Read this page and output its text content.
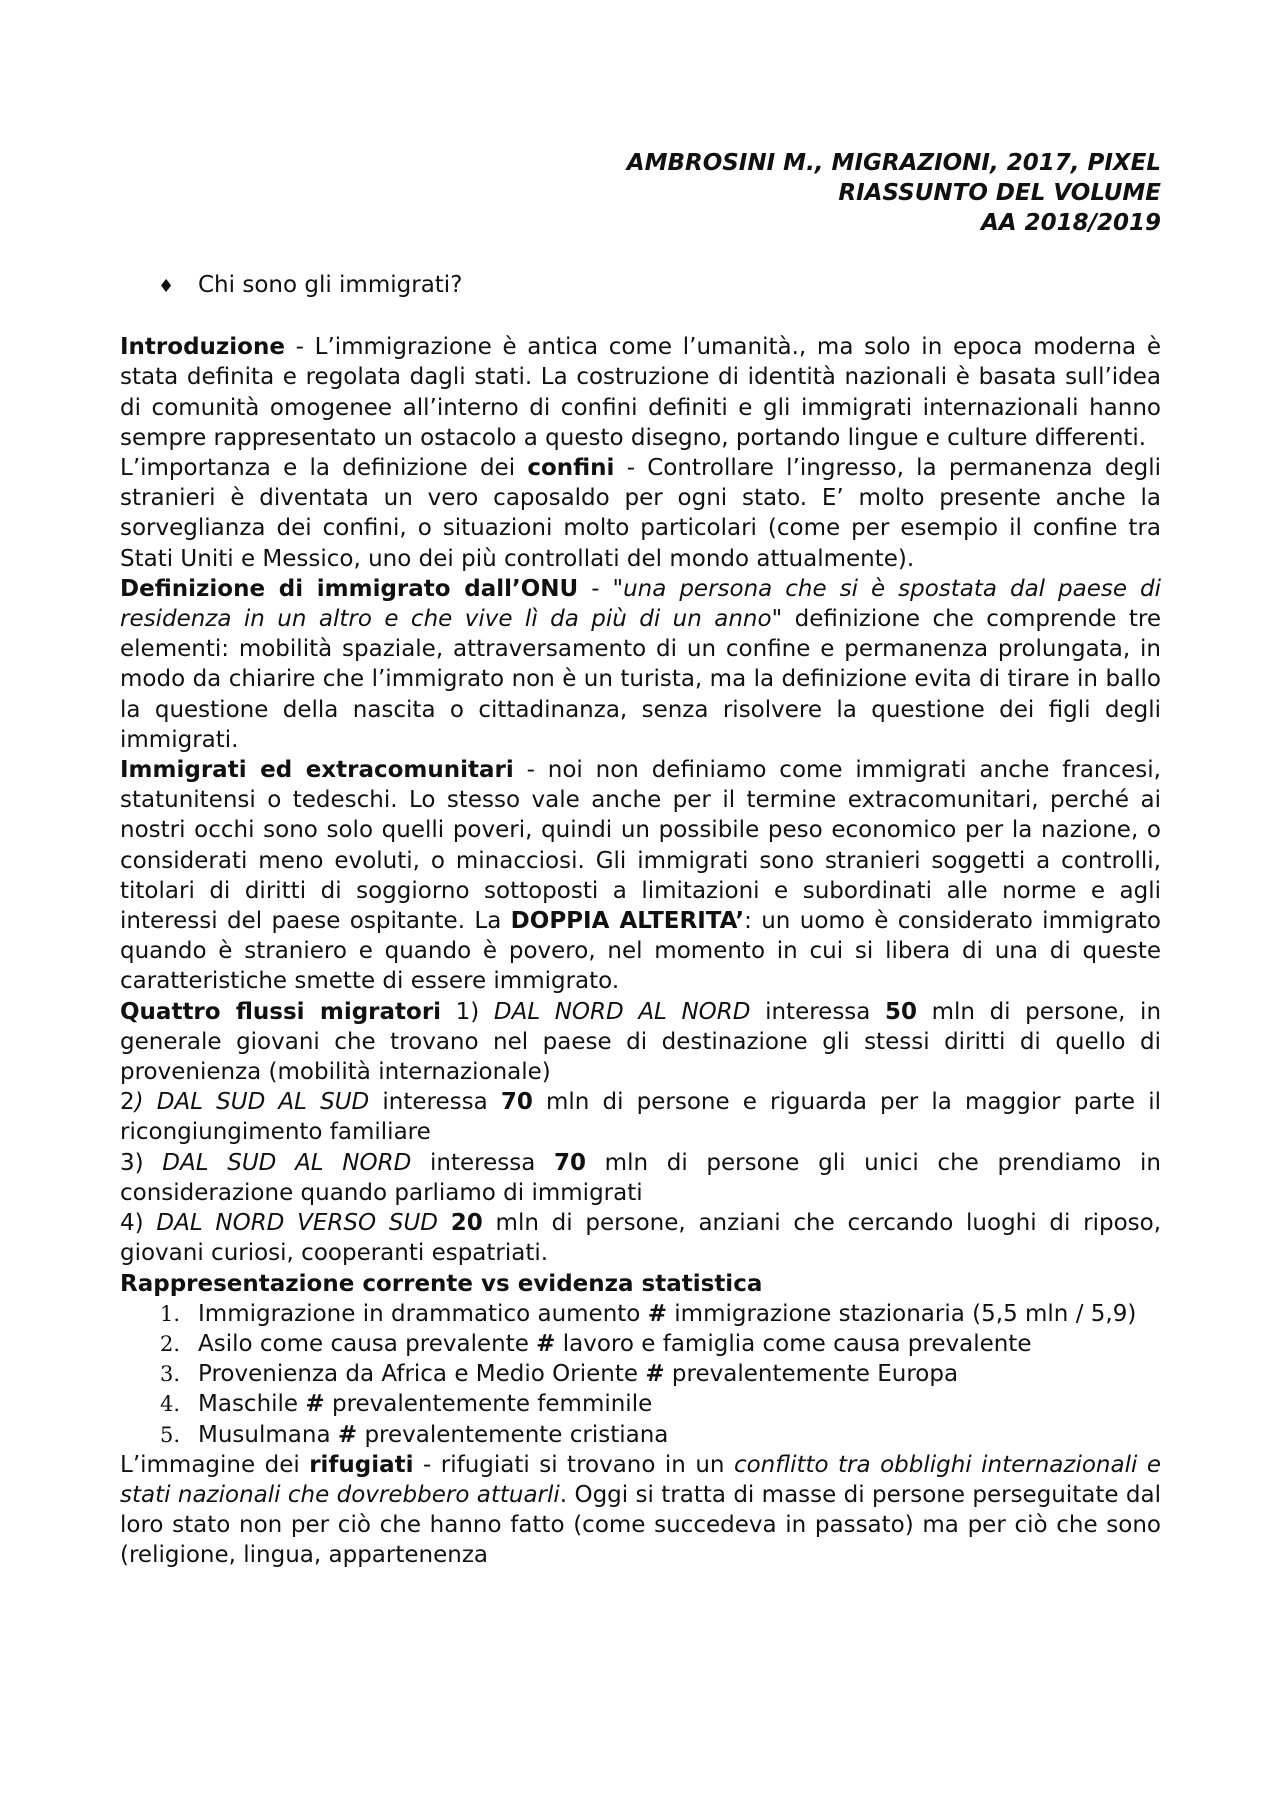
AMBROSINI M., MIGRAZIONI, 2017, PIXEL
RIASSUNTO DEL VOLUME
AA 2018/2019

♦ Chi sono gli immigrati?

Introduzione - L’immigrazione è antica come l’umanità., ma solo in epoca moderna è stata definita e regolata dagli stati. La costruzione di identità nazionali è basata sull’idea di comunità omogenee all’interno di confini definiti e gli immigrati internazionali hanno sempre rappresentato un ostacolo a questo disegno, portando lingue e culture differenti.

L’importanza e la definizione dei confini - Controllare l’ingresso, la permanenza degli stranieri è diventata un vero caposaldo per ogni stato. E’ molto presente anche la sorveglianza dei confini, o situazioni molto particolari (come per esempio il confine tra Stati Uniti e Messico, uno dei più controllati del mondo attualmente).

Definizione di immigrato dall’ONU - "una persona che si è spostata dal paese di residenza in un altro e che vive lì da più di un anno" definizione che comprende tre elementi: mobilità spaziale, attraversamento di un confine e permanenza prolungata, in modo da chiarire che l’immigrato non è un turista, ma la definizione evita di tirare in ballo la questione della nascita o cittadinanza, senza risolvere la questione dei figli degli immigrati.

Immigrati ed extracomunitari - noi non definiamo come immigrati anche francesi, statunitensi o tedeschi. Lo stesso vale anche per il termine extracomunitari, perché ai nostri occhi sono solo quelli poveri, quindi un possibile peso economico per la nazione, o considerati meno evoluti, o minacciosi. Gli immigrati sono stranieri soggetti a controlli, titolari di diritti di soggiorno sottoposti a limitazioni e subordinati alle norme e agli interessi del paese ospitante. La DOPPIA ALTERITA’: un uomo è considerato immigrato quando è straniero e quando è povero, nel momento in cui si libera di una di queste caratteristiche smette di essere immigrato.

Quattro flussi migratori 1) DAL NORD AL NORD interessa 50 mln di persone, in generale giovani che trovano nel paese di destinazione gli stessi diritti di quello di provenienza (mobilità internazionale)

2) DAL SUD AL SUD interessa 70 mln di persone e riguarda per la maggior parte il ricongiungimento familiare

3) DAL SUD AL NORD interessa 70 mln di persone gli unici che prendiamo in considerazione quando parliamo di immigrati

4) DAL NORD VERSO SUD 20 mln di persone, anziani che cercando luoghi di riposo, giovani curiosi, cooperanti espatriati.

Rappresentazione corrente vs evidenza statistica

1. Immigrazione in drammatico aumento # immigrazione stazionaria (5,5 mln / 5,9)
2. Asilo come causa prevalente # lavoro e famiglia come causa prevalente
3. Provenienza da Africa e Medio Oriente # prevalentemente Europa
4. Maschile # prevalentemente femminile
5. Musulmana # prevalentemente cristiana

L’immagine dei rifugiati - rifugiati si trovano in un conflitto tra obblighi internazionali e stati nazionali che dovrebbero attuarli. Oggi si tratta di masse di persone perseguitate dal loro stato non per ciò che hanno fatto (come succedeva in passato) ma per ciò che sono (religione, lingua, appartenenza
